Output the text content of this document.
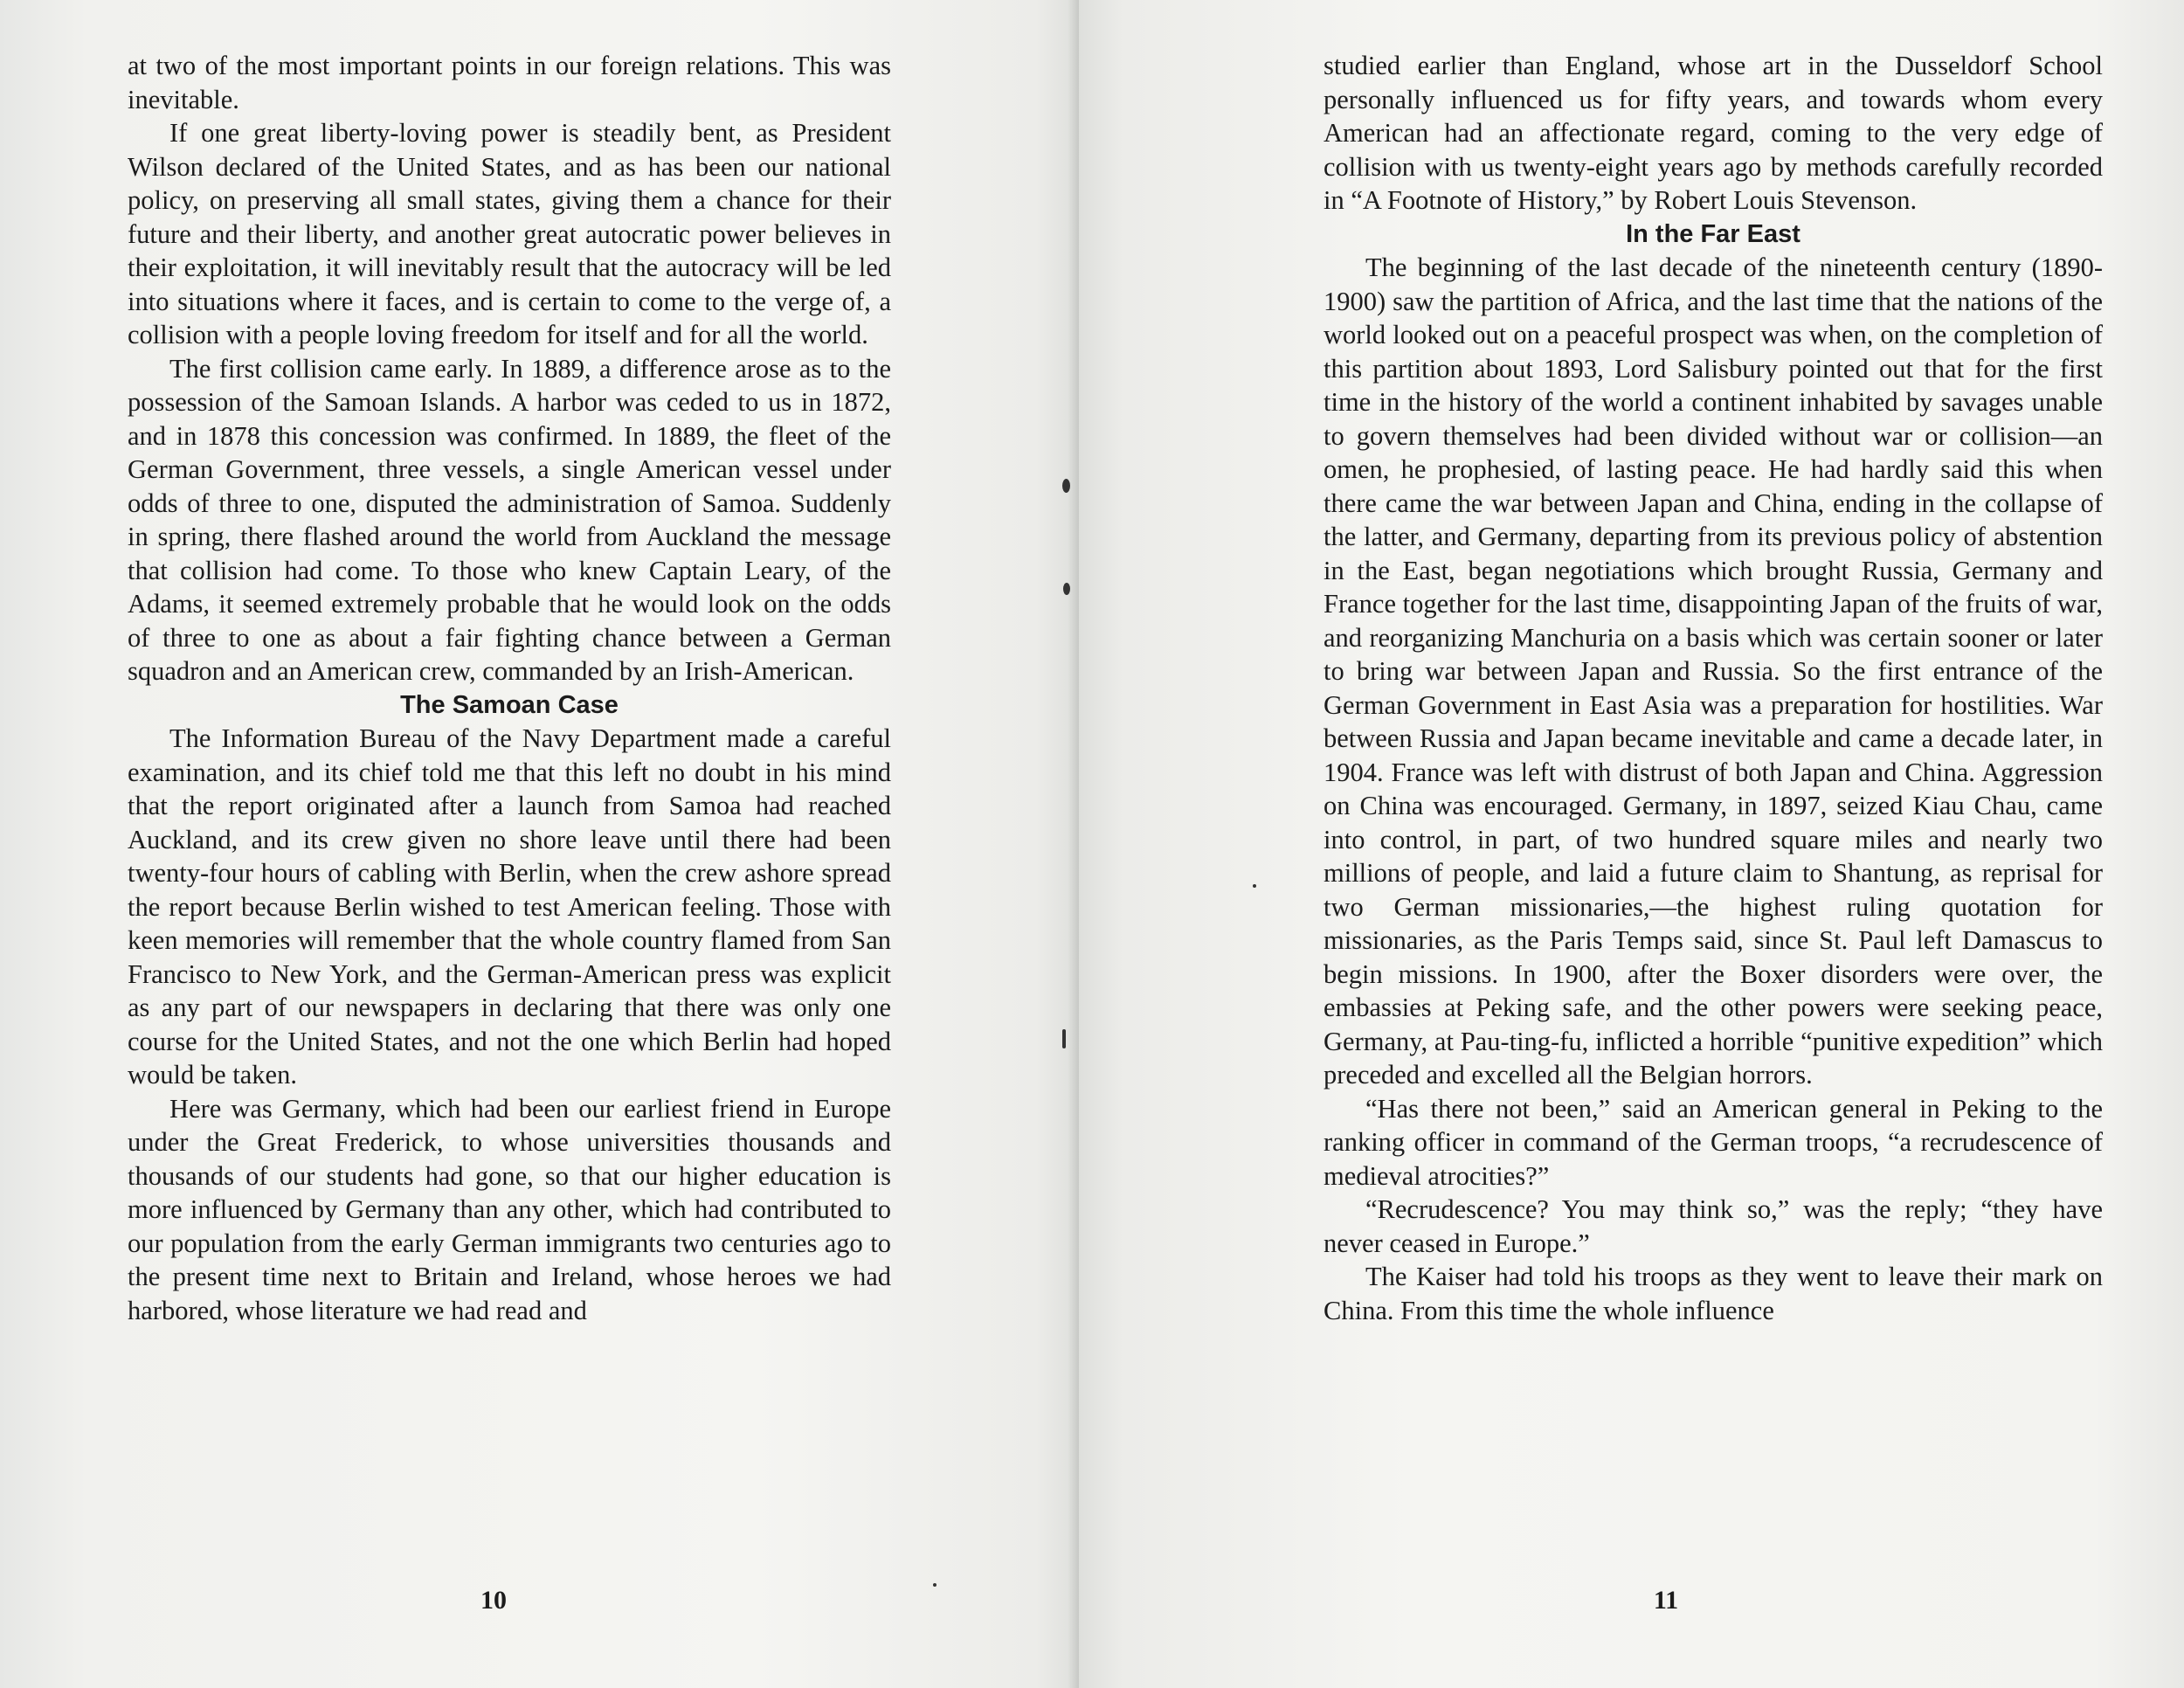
at two of the most important points in our foreign relations. This was inevitable.

If one great liberty-loving power is steadily bent, as President Wilson declared of the United States, and as has been our national policy, on preserving all small states, giving them a chance for their future and their liberty, and another great autocratic power believes in their exploitation, it will inevitably result that the autocracy will be led into situations where it faces, and is certain to come to the verge of, a collision with a people loving freedom for itself and for all the world.

The first collision came early. In 1889, a difference arose as to the possession of the Samoan Islands. A harbor was ceded to us in 1872, and in 1878 this concession was confirmed. In 1889, the fleet of the German Government, three vessels, a single American vessel under odds of three to one, disputed the administration of Samoa. Suddenly in spring, there flashed around the world from Auckland the message that collision had come. To those who knew Captain Leary, of the Adams, it seemed extremely probable that he would look on the odds of three to one as about a fair fighting chance between a German squadron and an American crew, commanded by an Irish-American.

The Samoan Case

The Information Bureau of the Navy Department made a careful examination, and its chief told me that this left no doubt in his mind that the report originated after a launch from Samoa had reached Auckland, and its crew given no shore leave until there had been twenty-four hours of cabling with Berlin, when the crew ashore spread the report because Berlin wished to test American feeling. Those with keen memories will remember that the whole country flamed from San Francisco to New York, and the German-American press was explicit as any part of our newspapers in declaring that there was only one course for the United States, and not the one which Berlin had hoped would be taken.

Here was Germany, which had been our earliest friend in Europe under the Great Frederick, to whose universities thousands and thousands of our students had gone, so that our higher education is more influenced by Germany than any other, which had contributed to our population from the early German immigrants two centuries ago to the present time next to Britain and Ireland, whose heroes we had harbored, whose literature we had read and

10

studied earlier than England, whose art in the Dusseldorf School personally influenced us for fifty years, and towards whom every American had an affectionate regard, coming to the very edge of collision with us twenty-eight years ago by methods carefully recorded in “A Footnote of History,” by Robert Louis Stevenson.

In the Far East

The beginning of the last decade of the nineteenth century (1890-1900) saw the partition of Africa, and the last time that the nations of the world looked out on a peaceful prospect was when, on the completion of this partition about 1893, Lord Salisbury pointed out that for the first time in the history of the world a continent inhabited by savages unable to govern themselves had been divided without war or collision—an omen, he prophesied, of lasting peace. He had hardly said this when there came the war between Japan and China, ending in the collapse of the latter, and Germany, departing from its previous policy of abstention in the East, began negotiations which brought Russia, Germany and France together for the last time, disappointing Japan of the fruits of war, and reorganizing Manchuria on a basis which was certain sooner or later to bring war between Japan and Russia. So the first entrance of the German Government in East Asia was a preparation for hostilities. War between Russia and Japan became inevitable and came a decade later, in 1904. France was left with distrust of both Japan and China. Aggression on China was encouraged. Germany, in 1897, seized Kiau Chau, came into control, in part, of two hundred square miles and nearly two millions of people, and laid a future claim to Shantung, as reprisal for two German missionaries,—the highest ruling quotation for missionaries, as the Paris Temps said, since St. Paul left Damascus to begin missions. In 1900, after the Boxer disorders were over, the embassies at Peking safe, and the other powers were seeking peace, Germany, at Pau-ting-fu, inflicted a horrible “punitive expedition” which preceded and excelled all the Belgian horrors.

“Has there not been,” said an American general in Peking to the ranking officer in command of the German troops, “a recrudescence of medieval atrocities?”

“Recrudescence? You may think so,” was the reply; “they have never ceased in Europe.”

The Kaiser had told his troops as they went to leave their mark on China. From this time the whole influence

11
